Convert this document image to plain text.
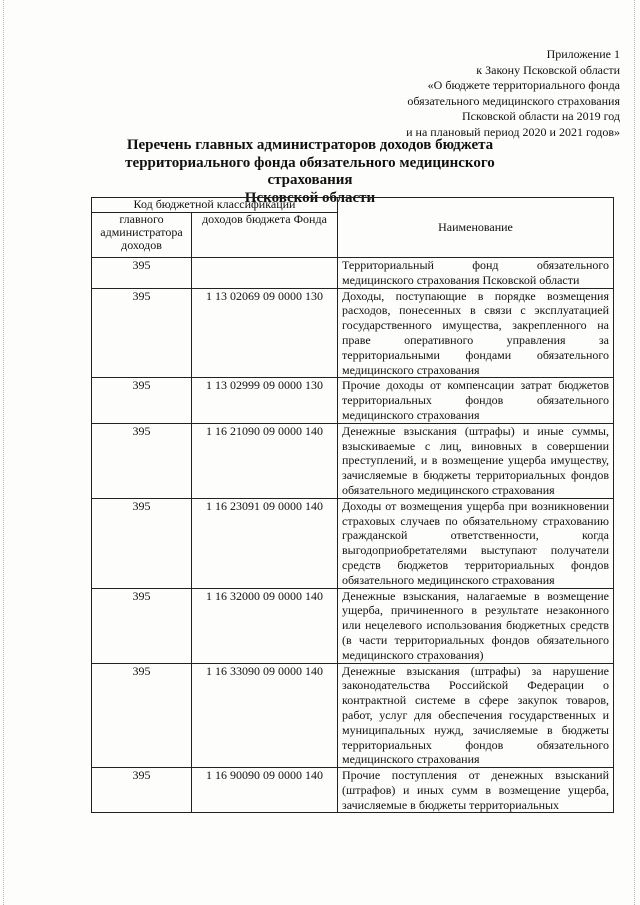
Приложение 1
к Закону Псковской области
«О бюджете территориального фонда
обязательного медицинского страхования
Псковской области на 2019 год
и на плановый период 2020 и 2021 годов»
Перечень главных администраторов доходов бюджета
территориального фонда обязательного медицинского страхования
Псковской области
Код бюджетной классификации		Наименование
главного администратора доходов	доходов бюджета Фонда	
395		Территориальный фонд обязательного медицинского страхования Псковской области
395	1 13 02069 09 0000 130	Доходы, поступающие в порядке возмещения расходов, понесенных в связи с эксплуатацией государственного имущества, закрепленного на праве оперативного управления за территориальными фондами обязательного медицинского страхования
395	1 13 02999 09 0000 130	Прочие доходы от компенсации затрат бюджетов территориальных фондов обязательного медицинского страхования
395	1 16 21090 09 0000 140	Денежные взыскания (штрафы) и иные суммы, взыскиваемые с лиц, виновных в совершении преступлений, и в возмещение ущерба имуществу, зачисляемые в бюджеты территориальных фондов обязательного медицинского страхования
395	1 16 23091 09 0000 140	Доходы от возмещения ущерба при возникновении страховых случаев по обязательному страхованию гражданской ответственности, когда выгодоприобретателями выступают получатели средств бюджетов территориальных фондов обязательного медицинского страхования
395	1 16 32000 09 0000 140	Денежные взыскания, налагаемые в возмещение ущерба, причиненного в результате незаконного или нецелевого использования бюджетных средств (в части территориальных фондов обязательного медицинского страхования)
395	1 16 33090 09 0000 140	Денежные взыскания (штрафы) за нарушение законодательства Российской Федерации о контрактной системе в сфере закупок товаров, работ, услуг для обеспечения государственных и муниципальных нужд, зачисляемые в бюджеты территориальных фондов обязательного медицинского страхования
395	1 16 90090 09 0000 140	Прочие поступления от денежных взысканий (штрафов) и иных сумм в возмещение ущерба, зачисляемые в бюджеты территориальных
